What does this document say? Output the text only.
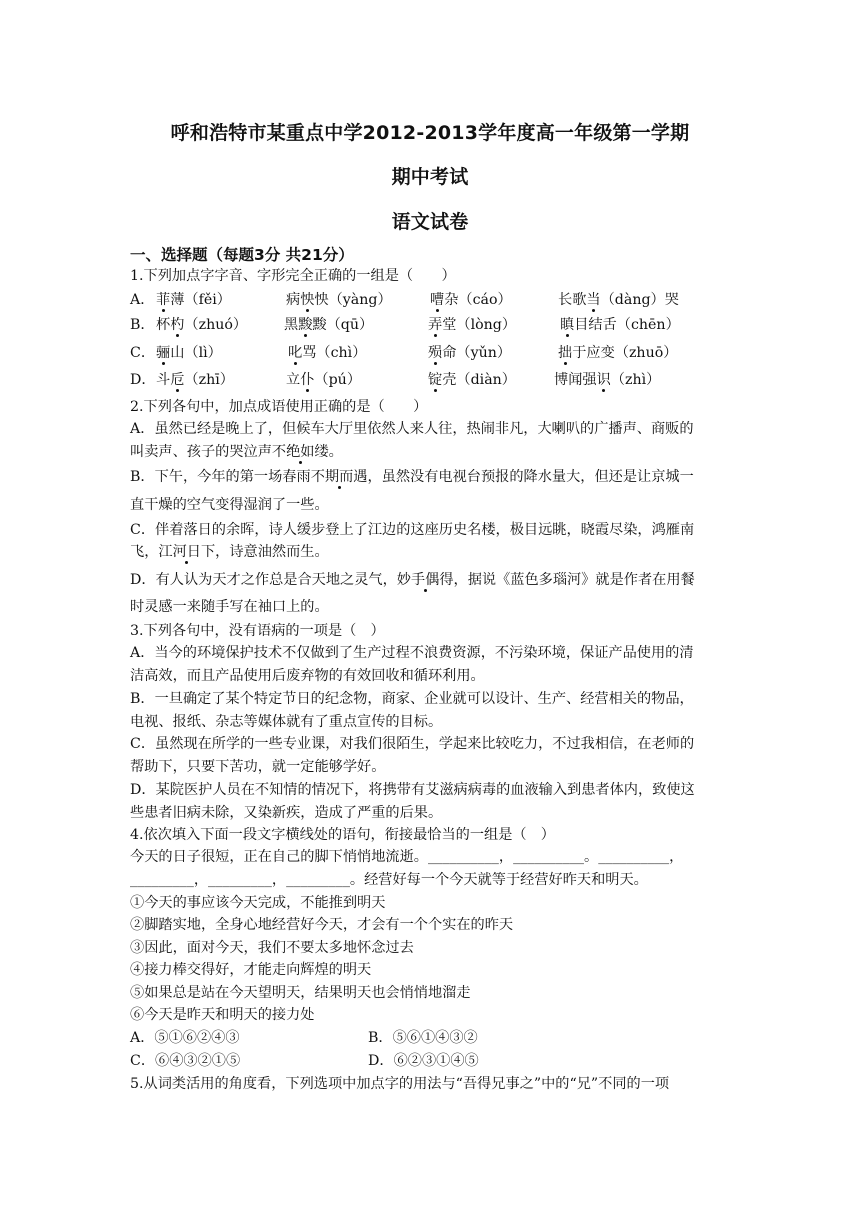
呼和浩特市某重点中学2012-2013学年度高一年级第一学期
期中考试
语文试卷
一、选择题（每题3分 共21分）
1.下列加点字字音、字形完全正确的一组是（　　）
A． 菲薄（fěi）	病怏怏（yàng）	嘈杂（cáo）	长歌当（dàng）哭
B． 杯杓（zhuó）	黑黢黢（qū）	弄堂（lòng）	瞋目结舌（chēn）
C． 骊山（lì）	叱骂（chì）	殒命（yǔn）	拙于应变（zhuō）
D． 斗卮（zhī）	立仆（pú）	锭壳（diàn）	博闻强识（zhì）
2.下列各句中，加点成语使用正确的是（　　）
A．虽然已经是晚上了，但候车大厅里依然人来人往，热闹非凡，大喇叭的广播声、商贩的
叫卖声、孩子的哭泣声不绝如缕。
B．下午，今年的第一场春雨不期而遇，虽然没有电视台预报的降水量大，但还是让京城一
直干燥的空气变得湿润了一些。
C．伴着落日的余晖，诗人缓步登上了江边的这座历史名楼，极目远眺，晓霞尽染，鸿雁南
飞，江河日下，诗意油然而生。
D．有人认为天才之作总是合天地之灵气，妙手偶得，据说《蓝色多瑙河》就是作者在用餐
时灵感一来随手写在袖口上的。
3.下列各句中，没有语病的一项是（　）
A．当今的环境保护技术不仅做到了生产过程不浪费资源，不污染环境，保证产品使用的清
洁高效，而且产品使用后废弃物的有效回收和循环利用。
B．一旦确定了某个特定节日的纪念物，商家、企业就可以设计、生产、经营相关的物品，
电视、报纸、杂志等媒体就有了重点宣传的目标。
C．虽然现在所学的一些专业课，对我们很陌生，学起来比较吃力，不过我相信，在老师的
帮助下，只要下苦功，就一定能够学好。
D．某院医护人员在不知情的情况下，将携带有艾滋病病毒的血液输入到患者体内，致使这
些患者旧病未除，又染新疾，造成了严重的后果。
4.依次填入下面一段文字横线处的语句，衔接最恰当的一组是（　）
今天的日子很短，正在自己的脚下悄悄地流逝。__________，__________。__________，
_________，_________，_________。经营好每一个今天就等于经营好昨天和明天。
①今天的事应该今天完成，不能推到明天
②脚踏实地，全身心地经营好今天，才会有一个个实在的昨天
③因此，面对今天，我们不要太多地怀念过去
④接力棒交得好，才能走向辉煌的明天
⑤如果总是站在今天望明天，结果明天也会悄悄地溜走
⑥今天是昨天和明天的接力处
A．⑤①⑥②④③	B．⑤⑥①④③②
C．⑥④③②①⑤	D．⑥②③①④⑤
5.从词类活用的角度看，下列选项中加点字的用法与“吾得兄事之”中的“兄”不同的一项
